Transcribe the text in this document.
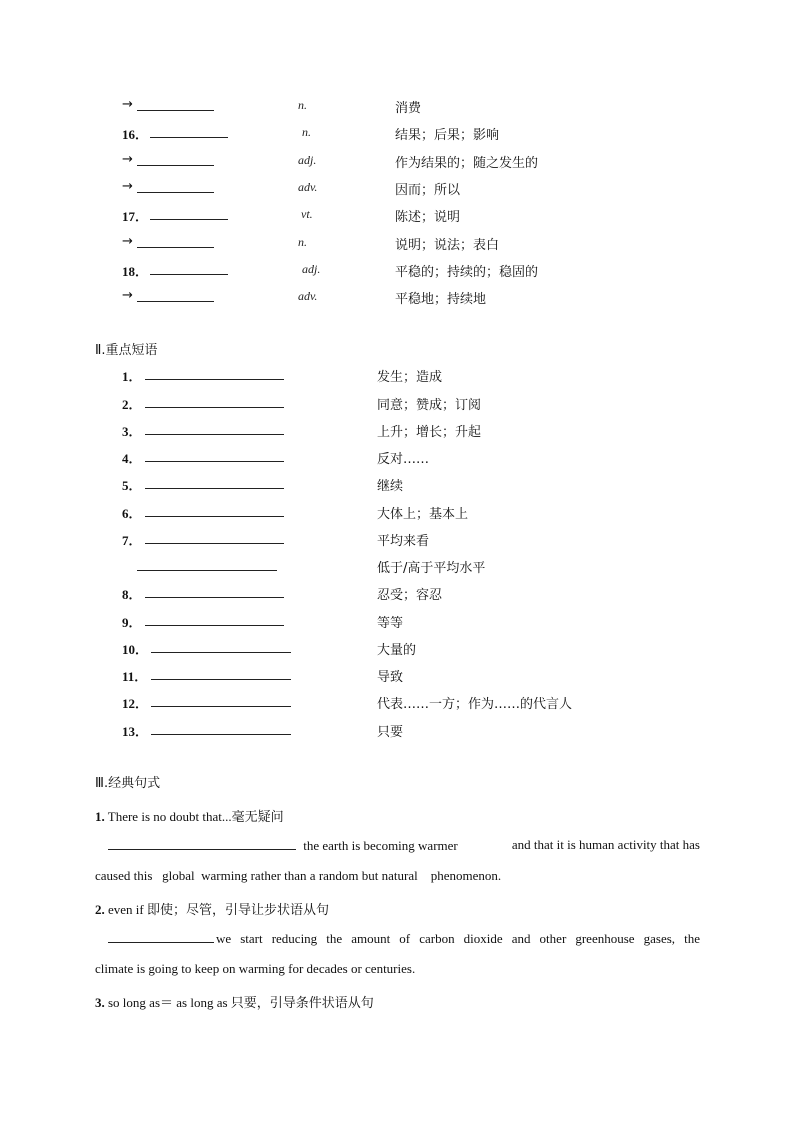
→	n.	消费
16．	n.	结果；后果；影响
→	adj.	作为结果的；随之发生的
→	adv.	因而；所以
17．	vt.	陈述；说明
→	n.	说明；说法；表白
18．	adj.	平稳的；持续的；稳固的
→	adv.	平稳地；持续地
Ⅱ.重点短语
1．	发生；造成
2．	同意；赞成；订阅
3．	上升；增长；升起
4．	反对……
5．	继续
6．	大体上；基本上
7．	平均来看
低于/高于平均水平
8．	忍受；容忍
9．	等等
10．	大量的
11．	导致
12．	代表……一方；作为……的代言人
13．	只要
Ⅲ.经典句式
1. There is no doubt that...毫无疑问
the earth is becoming warmer	and that it is human activity that has
caused this   global  warming rather than a random but natural    phenomenon.
2. even if 即使；尽管，引导让步状语从句
we start reducing the amount of carbon dioxide and other greenhouse gases, the
climate is going to keep on warming for decades or centuries.
3. so long as＝ as long as 只要，引导条件状语从句
